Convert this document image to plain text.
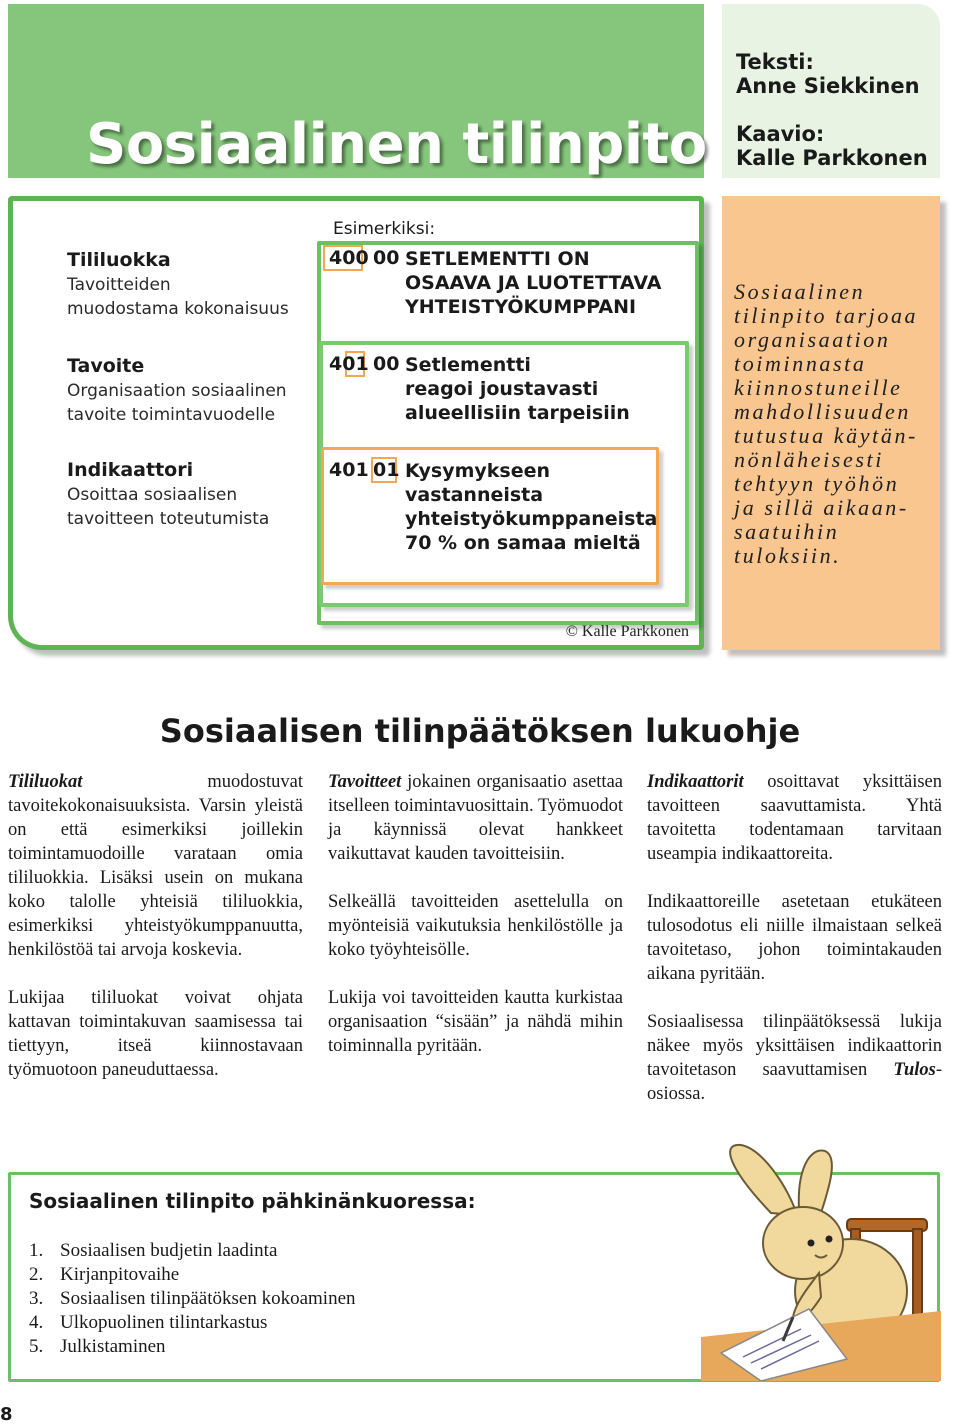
Sosiaalinen tilinpito
Teksti:
Anne Siekkinen
Kaavio:
Kalle Parkkonen
Tililuokka
Tavoitteiden
muodostama kokonaisuus
Tavoite
Organisaation sosiaalinen
tavoite toimintavuodelle
Indikaattori
Osoittaa sosiaalisen
tavoitteen toteutumista
Esimerkiksi:
400 00 SETLEMENTTI ON
OSAAVA JA LUOTETTAVA
YHTEISTYÖKUMPPANI
401 00 Setlementti
reagoi joustavasti
alueellisiin tarpeisiin
401 01 Kysymykseen
vastanneista
yhteistyökumppaneista
70 % on samaa mieltä
© Kalle Parkkonen
Sosiaalinen
tilinpito tarjoaa
organisaation
toiminnasta
kiinnostuneille
mahdollisuuden
tutustua käytän-
nönläheisesti
tehtyyn työhön
ja sillä aikaan-
saatuihin
tuloksiin.
Sosiaalisen tilinpäätöksen lukuohje

Tililuokat muodostuvat tavoitekokonaisuuksista. Varsin yleistä on että esimerkiksi joillekin toimintamuodoille varataan omia tililuokkia. Lisäksi usein on mukana koko talolle yhteisiä tililuokkia, esimerkiksi yhteistyökumppanuutta, henkilöstöä tai arvoja koskevia.

Lukijaa tililuokat voivat ohjata kattavan toimintakuvan saamisessa tai tiettyyn, itseä kiinnostavaan työmuotoon paneuduttaessa.

Tavoitteet jokainen organisaatio asettaa itselleen toimintavuosittain. Työmuodot ja käynnissä olevat hankkeet vaikuttavat kauden tavoitteisiin.

Selkeällä tavoitteiden asettelulla on myönteisiä vaikutuksia henkilöstölle ja koko työyhteisölle.

Lukija voi tavoitteiden kautta kurkistaa organisaation “sisään” ja nähdä mihin toiminnalla pyritään.

Indikaattorit osoittavat yksittäisen tavoitteen saavuttamista. Yhtä tavoitetta todentamaan tarvitaan useampia indikaattoreita.

Indikaattoreille asetetaan etukäteen tulosodotus eli niille ilmaistaan selkeä tavoitetaso, johon toimintakauden aikana pyritään.

Sosiaalisessa tilinpäätöksessä lukija näkee myös yksittäisen indikaattorin tavoitetason saavuttamisen Tulos-osiossa.

Sosiaalinen tilinpito pähkinänkuoressa:
1. Sosiaalisen budjetin laadinta
2. Kirjanpitovaihe
3. Sosiaalisen tilinpäätöksen kokoaminen
4. Ulkopuolinen tilintarkastus
5. Julkistaminen
8
